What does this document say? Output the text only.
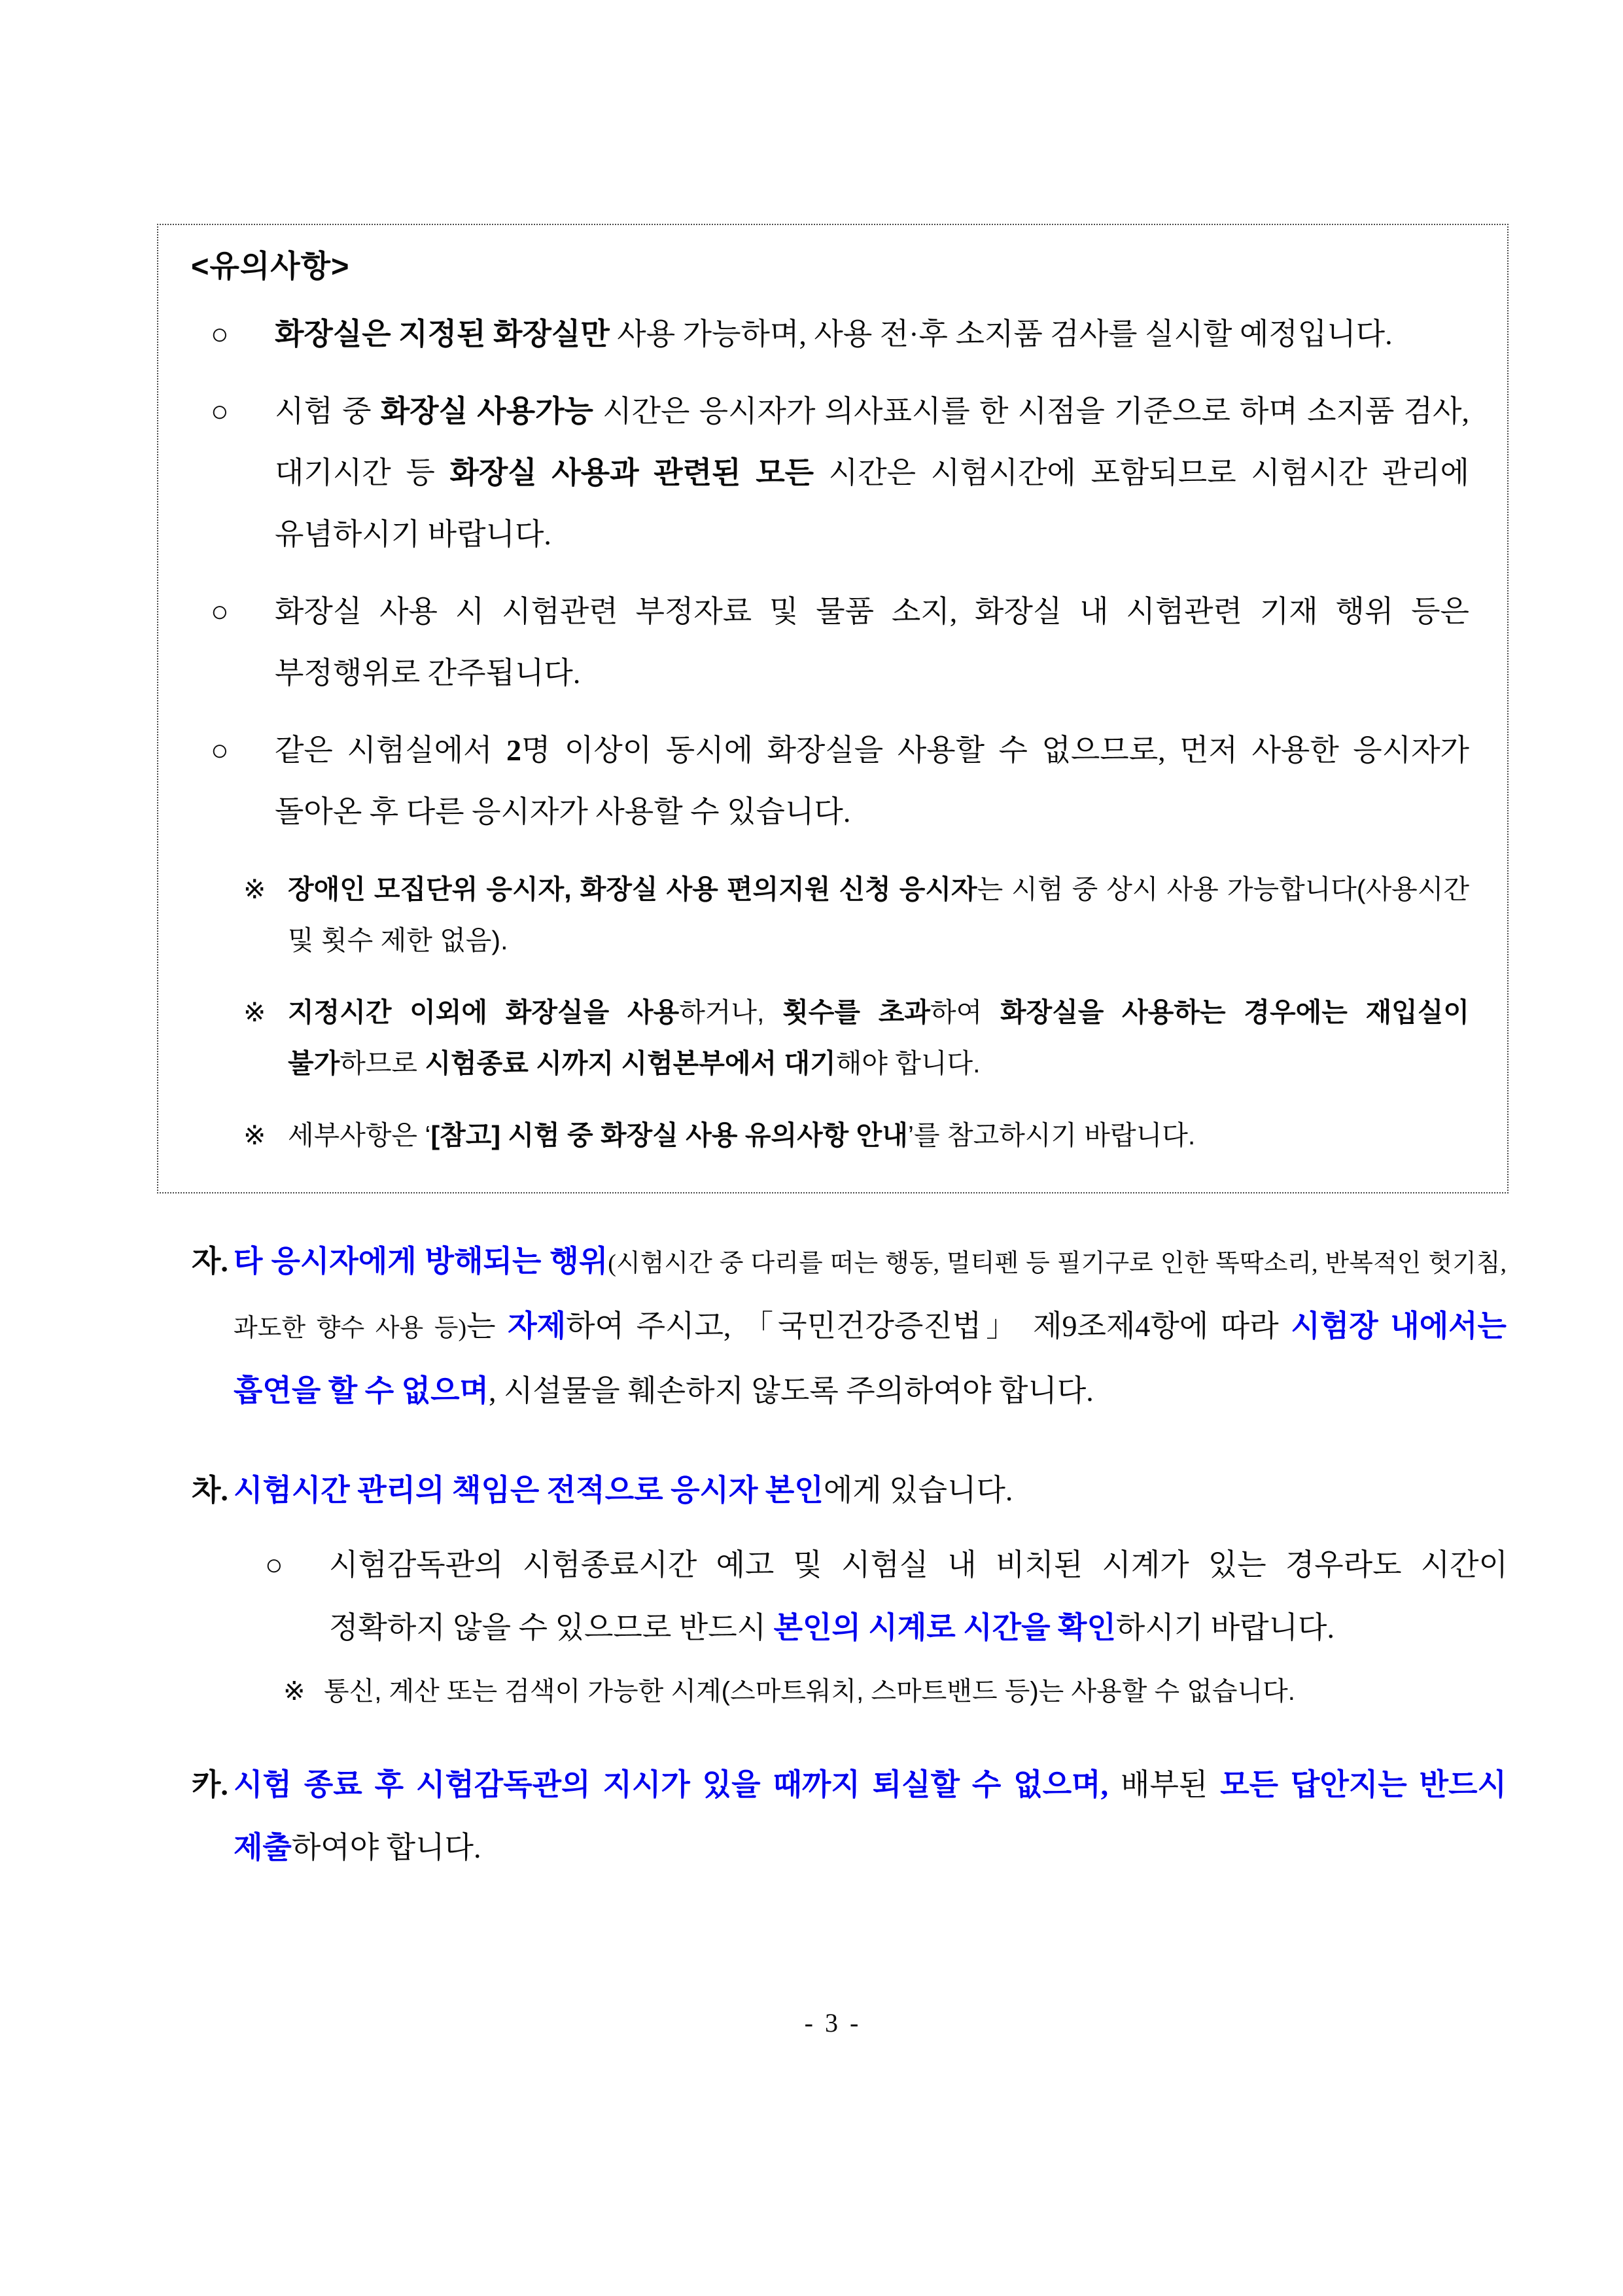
<유의사항>

○ 화장실은 지정된 화장실만 사용 가능하며, 사용 전·후 소지품 검사를 실시할 예정입니다.

○ 시험 중 화장실 사용가능 시간은 응시자가 의사표시를 한 시점을 기준으로 하며 소지품 검사, 대기시간 등 화장실 사용과 관련된 모든 시간은 시험시간에 포함되므로 시험시간 관리에 유념하시기 바랍니다.

○ 화장실 사용 시 시험관련 부정자료 및 물품 소지, 화장실 내 시험관련 기재 행위 등은 부정행위로 간주됩니다.

○ 같은 시험실에서 2명 이상이 동시에 화장실을 사용할 수 없으므로, 먼저 사용한 응시자가 돌아온 후 다른 응시자가 사용할 수 있습니다.

※ 장애인 모집단위 응시자, 화장실 사용 편의지원 신청 응시자는 시험 중 상시 사용 가능합니다(사용시간 및 횟수 제한 없음).

※ 지정시간 이외에 화장실을 사용하거나, 횟수를 초과하여 화장실을 사용하는 경우에는 재입실이 불가하므로 시험종료 시까지 시험본부에서 대기해야 합니다.

※ 세부사항은 ‘[참고] 시험 중 화장실 사용 유의사항 안내’를 참고하시기 바랍니다.

자. 타 응시자에게 방해되는 행위(시험시간 중 다리를 떠는 행동, 멀티펜 등 필기구로 인한 똑딱소리, 반복적인 헛기침, 과도한 향수 사용 등)는 자제하여 주시고, 「국민건강증진법」 제9조제4항에 따라 시험장 내에서는 흡연을 할 수 없으며, 시설물을 훼손하지 않도록 주의하여야 합니다.

차. 시험시간 관리의 책임은 전적으로 응시자 본인에게 있습니다.

○ 시험감독관의 시험종료시간 예고 및 시험실 내 비치된 시계가 있는 경우라도 시간이 정확하지 않을 수 있으므로 반드시 본인의 시계로 시간을 확인하시기 바랍니다.

※ 통신, 계산 또는 검색이 가능한 시계(스마트워치, 스마트밴드 등)는 사용할 수 없습니다.

카. 시험 종료 후 시험감독관의 지시가 있을 때까지 퇴실할 수 없으며, 배부된 모든 답안지는 반드시 제출하여야 합니다.

- 3 -
